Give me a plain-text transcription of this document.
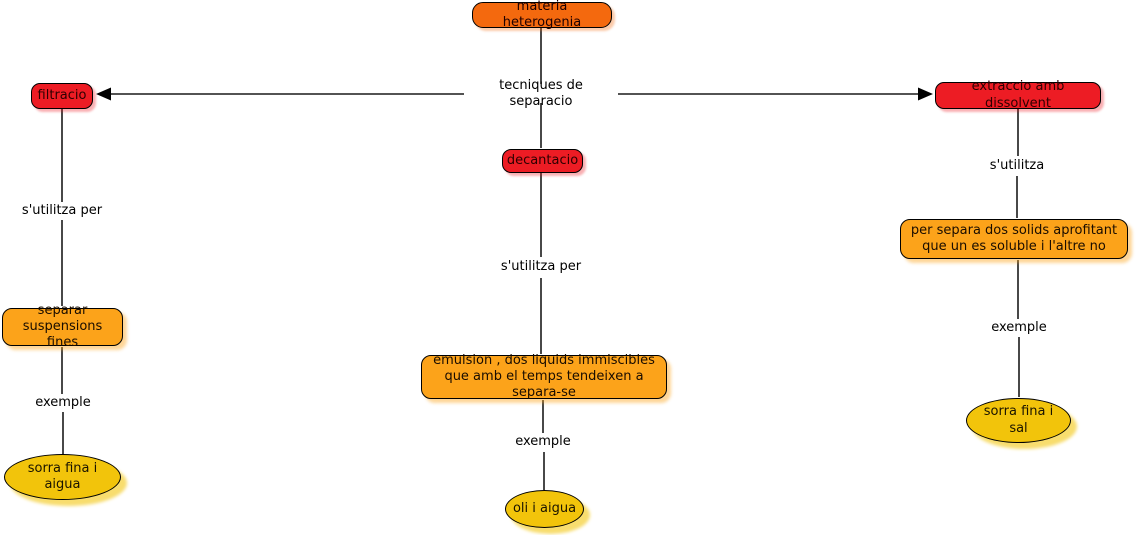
materia heterogenia
tecniques de separacio
filtracio
s'utilitza per
separar suspensions fines
exemple
sorra fina i aigua
decantacio
s'utilitza per
emulsion , dos liquids immiscibles que amb el temps tendeixen a separa-se
exemple
oli i aigua
extraccio amb dissolvent
s'utilitza
per separa dos solids aprofitant que un es soluble i l'altre no
exemple
sorra fina i sal
